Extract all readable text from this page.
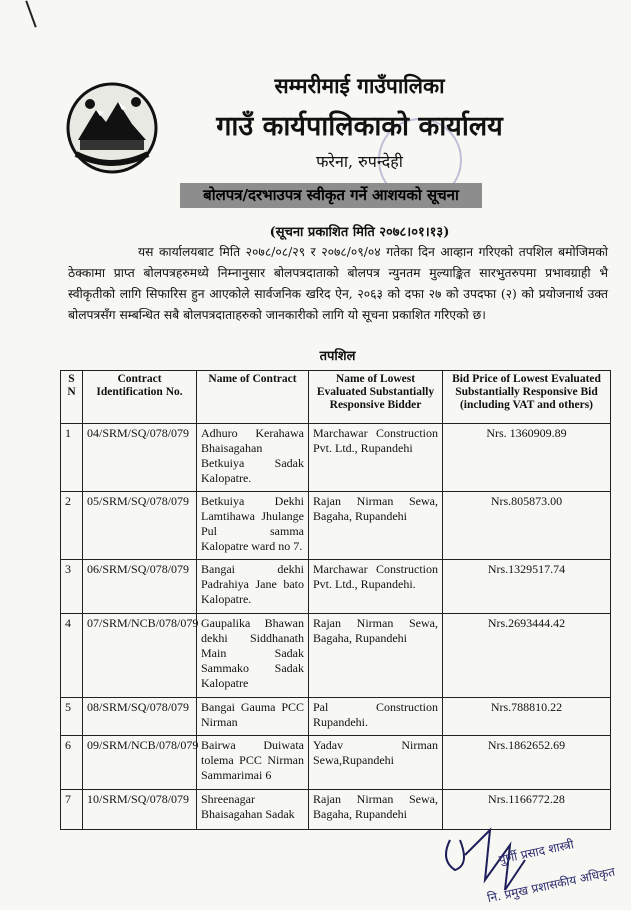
सम्मरीमाई गाउँपालिका
गाउँ कार्यपालिकाको कार्यालय
फरेना, रुपन्देही
बोलपत्र/दरभाउपत्र स्वीकृत गर्ने आशयको सूचना
(सूचना प्रकाशित मिति २०७८।०१।१३)
यस कार्यालयबाट मिति २०७८/०८/२९ र २०७८/०९/०४ गतेका दिन आव्हान गरिएको तपशिल बमोजिमको ठेक्कामा प्राप्त बोलपत्रहरुमध्ये निम्नानुसार बोलपत्रदाताको बोलपत्र न्युनतम मुल्याङ्कित सारभुतरुपमा प्रभावग्राही भै स्वीकृतीको लागि सिफारिस हुन आएकोले सार्वजनिक खरिद ऐन, २०६३ को दफा २७ को उपदफा (२) को प्रयोजनार्थ उक्त बोलपत्रसँग सम्बन्धित सबै बोलपत्रदाताहरुको जानकारीको लागि यो सूचना प्रकाशित गरिएको छ।
तपशिल
S N	Contract Identification No.	Name of Contract	Name of Lowest Evaluated Substantially Responsive Bidder	Bid Price of Lowest Evaluated Substantially Responsive Bid (including VAT and others)
1	04/SRM/SQ/078/079	Adhuro Kerahawa Bhaisagahan Betkuiya Sadak Kalopatre.	Marchawar Construction Pvt. Ltd., Rupandehi	Nrs. 1360909.89
2	05/SRM/SQ/078/079	Betkuiya Dekhi Lamtihawa Jhulange Pul samma Kalopatre ward no 7.	Rajan Nirman Sewa, Bagaha, Rupandehi	Nrs.805873.00
3	06/SRM/SQ/078/079	Bangai dekhi Padrahiya Jane bato Kalopatre.	Marchawar Construction Pvt. Ltd., Rupandehi.	Nrs.1329517.74
4	07/SRM/NCB/078/079	Gaupalika Bhawan dekhi Siddhanath Main Sadak Sammako Sadak Kalopatre	Rajan Nirman Sewa, Bagaha, Rupandehi	Nrs.2693444.42
5	08/SRM/SQ/078/079	Bangai Gauma PCC Nirman	Pal Construction Rupandehi.	Nrs.788810.22
6	09/SRM/NCB/078/079	Bairwa Duiwata tolema PCC Nirman Sammarimai 6	Yadav Nirman Sewa,Rupandehi	Nrs.1862652.69
7	10/SRM/SQ/078/079	Shreenagar Bhaisagahan Sadak	Rajan Nirman Sewa, Bagaha, Rupandehi	Nrs.1166772.28
पुर्णी प्रसाद शास्त्री
नि. प्रमुख प्रशासकीय अधिकृत
